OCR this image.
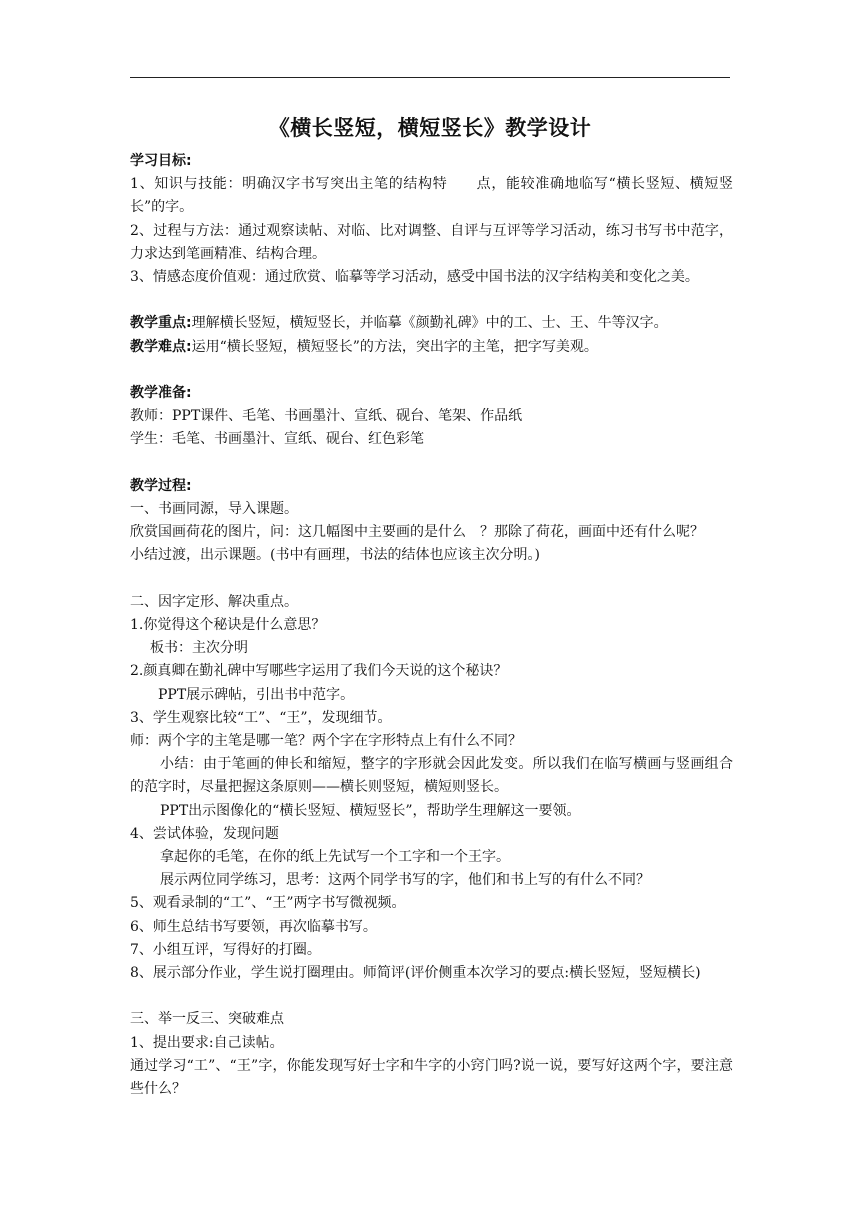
《横长竖短，横短竖长》教学设计
学习目标:
1、知识与技能：明确汉字书写突出主笔的结构特　　点，能较准确地临写“横长竖短、横短竖长”的字。
2、过程与方法：通过观察读帖、对临、比对调整、自评与互评等学习活动，练习书写书中范字，力求达到笔画精准、结构合理。
3、情感态度价值观：通过欣赏、临摹等学习活动，感受中国书法的汉字结构美和变化之美。
教学重点:理解横长竖短，横短竖长，并临摹《颜勤礼碑》中的工、士、王、牛等汉字。
教学难点:运用“横长竖短，横短竖长”的方法，突出字的主笔，把字写美观。
教学准备:
教师：PPT课件、毛笔、书画墨汁、宣纸、砚台、笔架、作品纸
学生：毛笔、书画墨汁、宣纸、砚台、红色彩笔
教学过程:
一、书画同源，导入课题。
欣赏国画荷花的图片，问：这几幅图中主要画的是什么　？那除了荷花，画面中还有什么呢？
小结过渡，出示课题。(书中有画理，书法的结体也应该主次分明。)
二、因字定形、解决重点。
1.你觉得这个秘诀是什么意思？
板书：主次分明
2.颜真卿在勤礼碑中写哪些字运用了我们今天说的这个秘诀？
PPT展示碑帖，引出书中范字。
3、学生观察比较“工”、“王”，发现细节。
师：两个字的主笔是哪一笔？两个字在字形特点上有什么不同？
小结：由于笔画的伸长和缩短，整字的字形就会因此发变。所以我们在临写横画与竖画组合的范字时，尽量把握这条原则——横长则竖短，横短则竖长。
PPT出示图像化的“横长竖短、横短竖长”，帮助学生理解这一要领。
4、尝试体验，发现问题
拿起你的毛笔，在你的纸上先试写一个工字和一个王字。
展示两位同学练习，思考：这两个同学书写的字，他们和书上写的有什么不同？
5、观看录制的“工”、“王”两字书写微视频。
6、师生总结书写要领，再次临摹书写。
7、小组互评，写得好的打圈。
8、展示部分作业，学生说打圈理由。师简评(评价侧重本次学习的要点:横长竖短，竖短横长)
三、举一反三、突破难点
1、提出要求:自己读帖。
通过学习“工”、“王”字，你能发现写好士字和牛字的小窍门吗?说一说，要写好这两个字，要注意些什么？
